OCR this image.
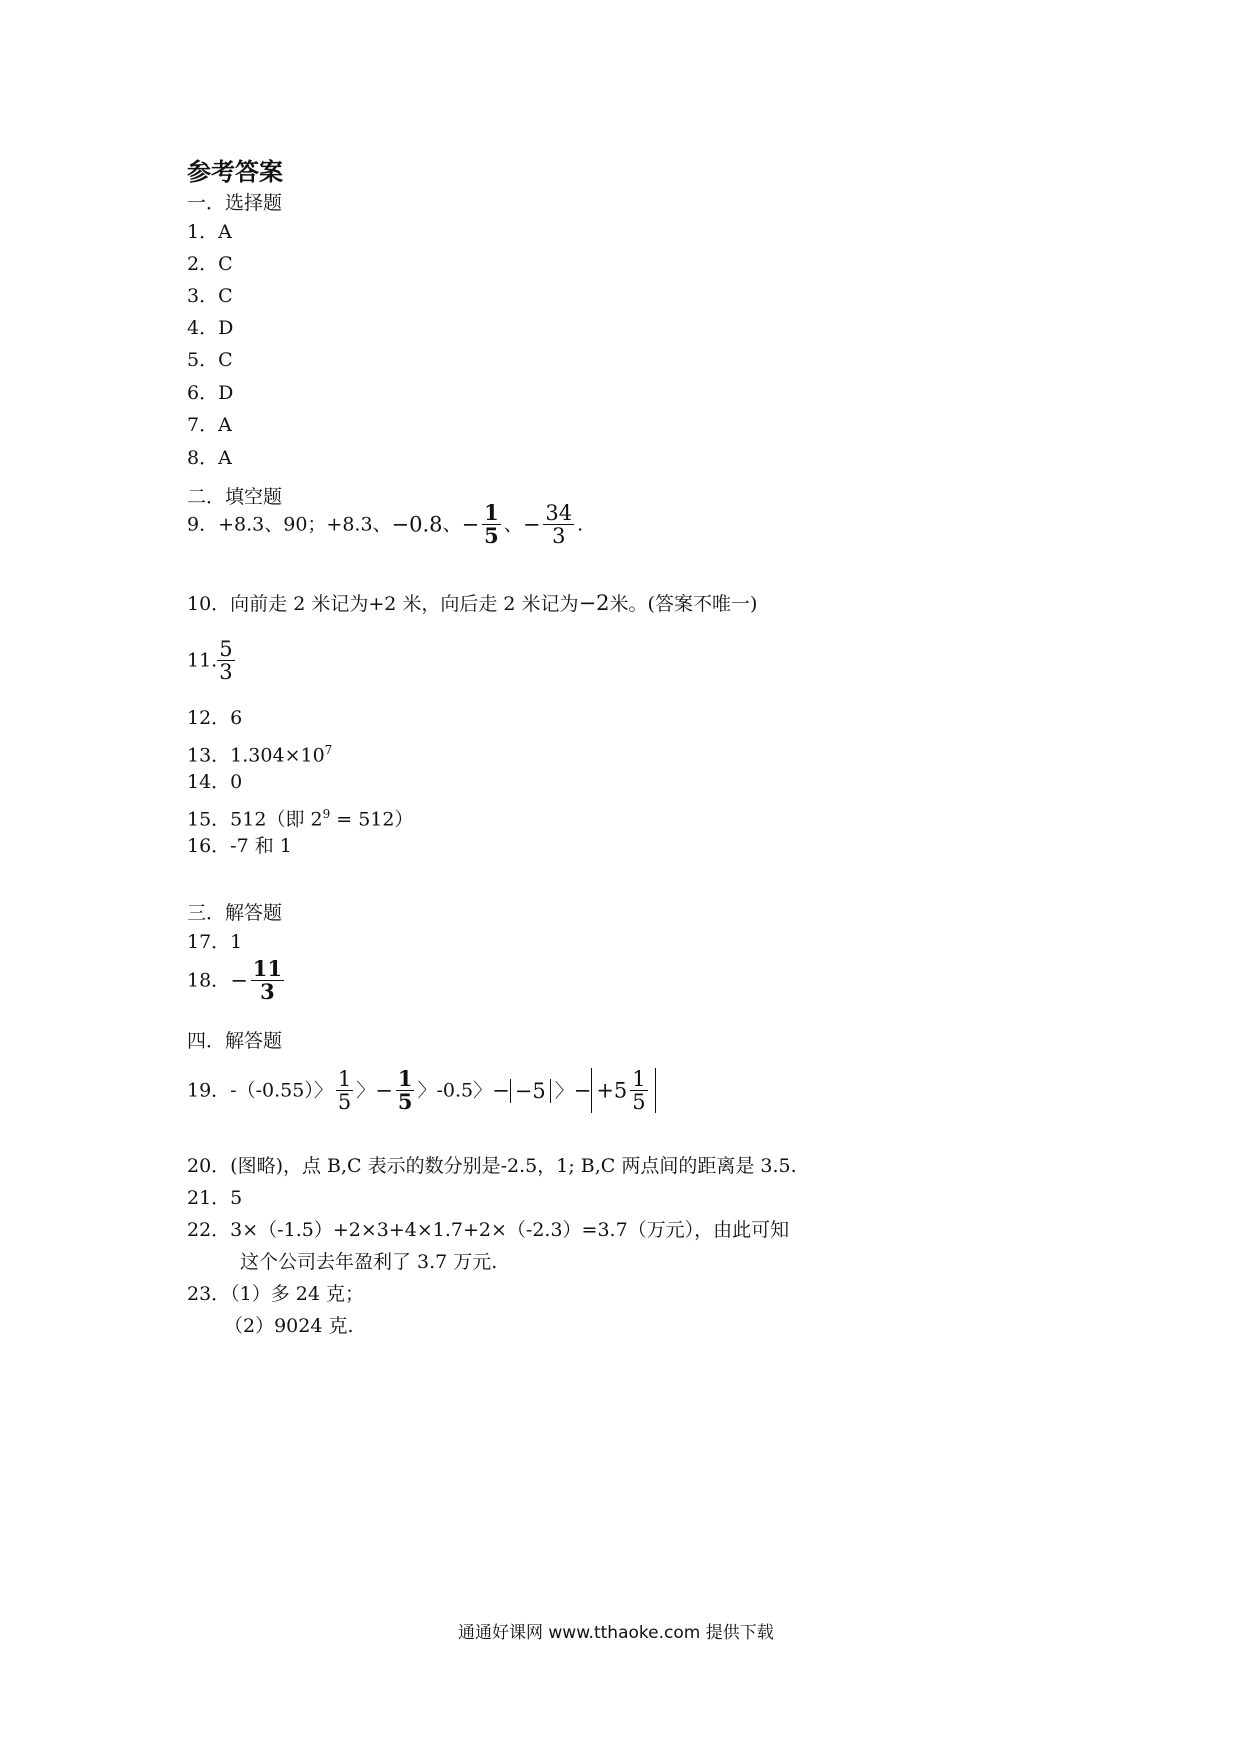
参考答案
一．选择题
1．A
2．C
3．C
4．D
5．C
6．D
7．A
8．A
二．填空题
9．+8.3、90；+8.3、−0.8、− $\frac{1}{5}$ 、− $\frac{34}{3}$ .
10．向前走 2 米记为+2 米，向后走 2 米记为−2米。(答案不唯一)
11. $\frac{5}{3}$
12．6
13．$1.304\times 10^7$
14．0
15．512（即 $2^9 = 512$）
16．-7 和 1
三．解答题
17．1
18．− $\frac{11}{3}$
四．解答题
19．-（-0.55）〉 $\frac{1}{5}$ 〉− $\frac{1}{5}$ 〉-0.5〉− −5 〉− $+5 \frac{1}{5}$
20．(图略)，点 B,C 表示的数分别是-2.5，1; B,C 两点间的距离是 3.5.
21．5
22．3×（-1.5）+2×3+4×1.7+2×（-2.3）=3.7（万元），由此可知
这个公司去年盈利了 3.7 万元.
23．（1）多 24 克；
（2）9024 克.
通通好课网 www.tthaoke.com 提供下载
